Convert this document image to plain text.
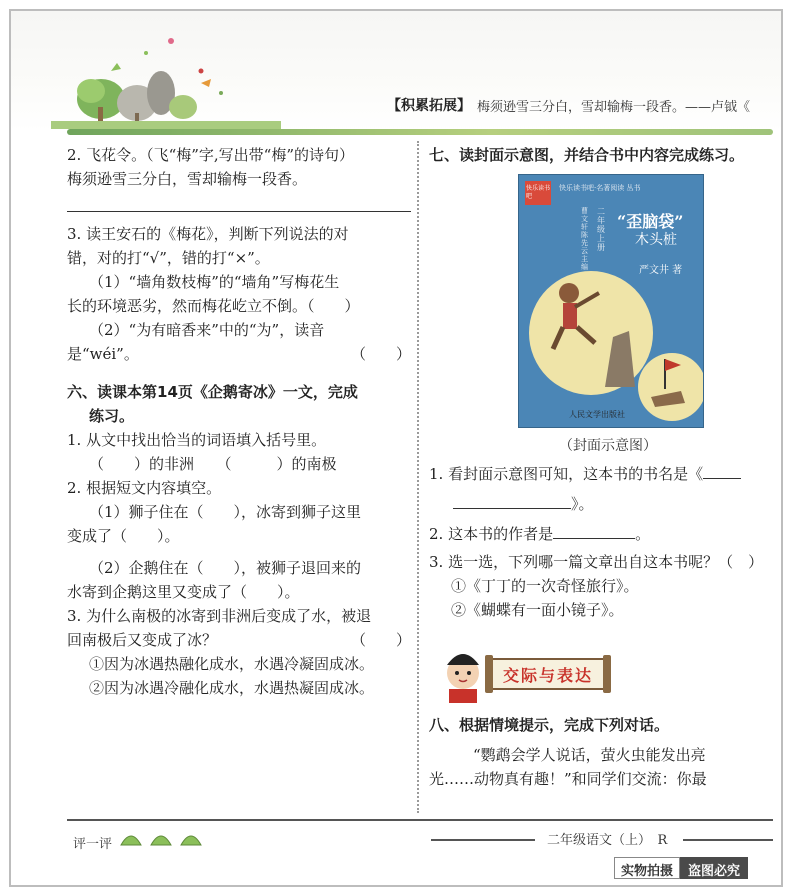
【积累拓展】 梅须逊雪三分白，雪却输梅一段香。——卢钺《

2. 飞花令。（飞“梅”字,写出带“梅”的诗句）

梅须逊雪三分白，雪却输梅一段香。

3. 读王安石的《梅花》，判断下列说法的对

错，对的打“√”，错的打“×”。

（1）“墙角数枝梅”的“墙角”写梅花生

长的环境恶劣，然而梅花屹立不倒。（　　）

（2）“为有暗香来”中的“为”，读音

是“wéi”。	（　　）

六、读课本第14页《企鹅寄冰》一文，完成

练习。

1. 从文中找出恰当的词语填入括号里。

（　　）的非洲　　（　　　）的南极

2. 根据短文内容填空。

（1）狮子住在（　　），冰寄到狮子这里

变成了（　　）。

（2）企鹅住在（　　），被狮子退回来的

水寄到企鹅这里又变成了（　　）。

3. 为什么南极的冰寄到非洲后变成了水，被退

回南极后又变成了冰？	（　　）

①因为冰遇热融化成水，水遇冷凝固成冰。

②因为冰遇冷融化成水，水遇热凝固成冰。

七、读封面示意图，并结合书中内容完成练习。

快乐读书吧·名著阅读 丛书
快乐读书吧
“歪脑袋”
木头桩
二年级上册
曹文轩 陈先云 主编	严文井 著
人民文学出版社
（封面示意图）

1. 看封面示意图可知，这本书的书名是《

》。

2. 这本书的作者是	。

3. 选一选，下列哪一篇文章出自这本书呢？（　）

①《丁丁的一次奇怪旅行》。

②《蝴蝶有一面小镜子》。

交际与表达

八、根据情境提示，完成下列对话。

“鹦鹉会学人说话，萤火虫能发出亮

光……动物真有趣！”和同学们交流：你最

评一评	二年级语文（上）　R
实物拍摄	盗图必究
